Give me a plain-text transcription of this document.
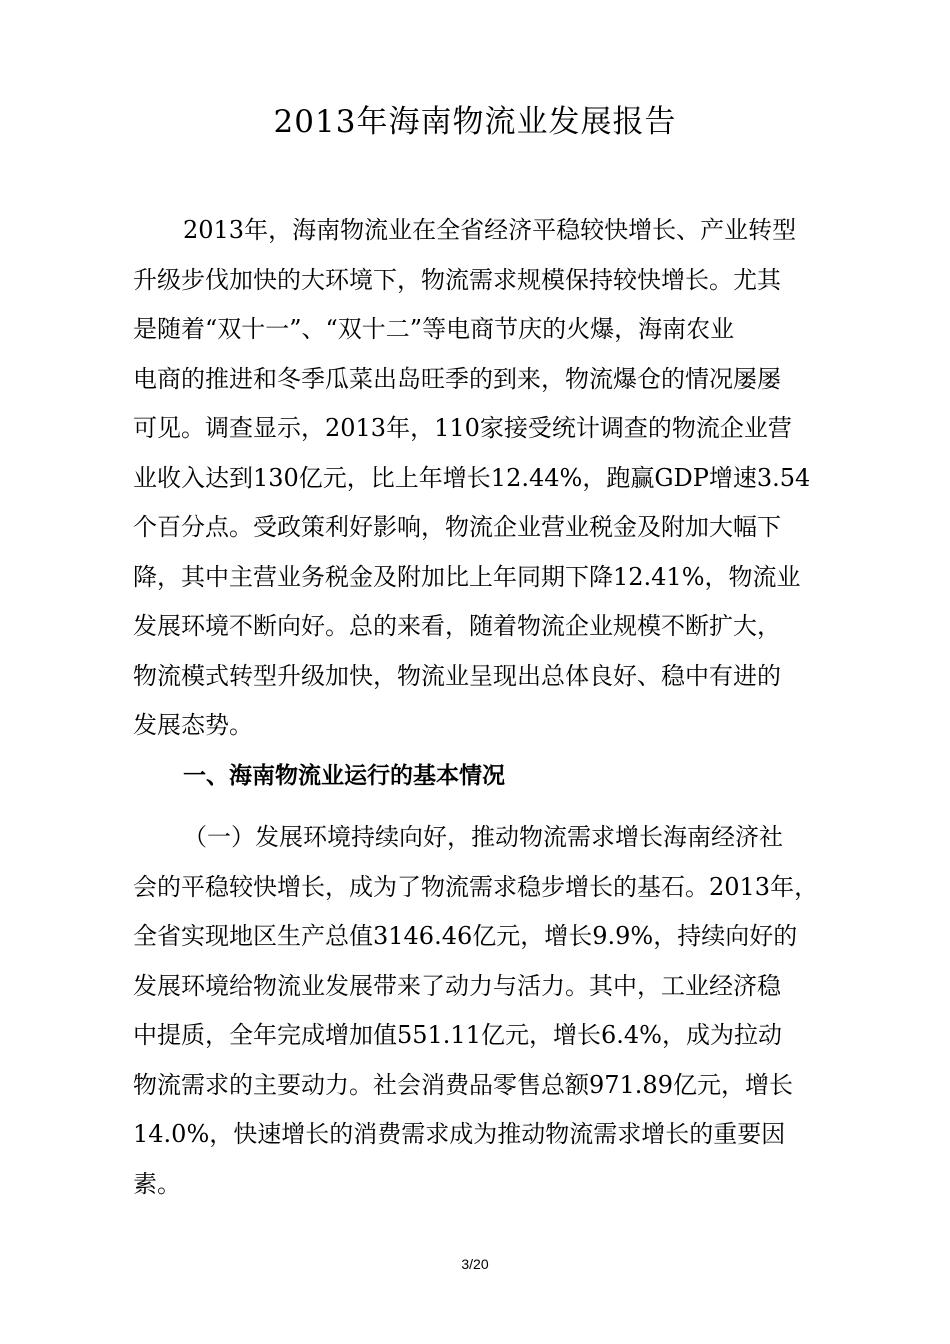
2013年海南物流业发展报告

2013年，海南物流业在全省经济平稳较快增长、产业转型
升级步伐加快的大环境下，物流需求规模保持较快增长。尤其
是随着“双十一”、“双十二”等电商节庆的火爆，海南农业
电商的推进和冬季瓜菜出岛旺季的到来，物流爆仓的情况屡屡
可见。调查显示，2013年，110家接受统计调查的物流企业营
业收入达到130亿元，比上年增长12.44%，跑赢GDP增速3.54
个百分点。受政策利好影响，物流企业营业税金及附加大幅下
降，其中主营业务税金及附加比上年同期下降12.41%，物流业
发展环境不断向好。总的来看，随着物流企业规模不断扩大，
物流模式转型升级加快，物流业呈现出总体良好、稳中有进的
发展态势。

一、海南物流业运行的基本情况

（一）发展环境持续向好，推动物流需求增长海南经济社
会的平稳较快增长，成为了物流需求稳步增长的基石。2013年，
全省实现地区生产总值3146.46亿元，增长9.9%，持续向好的
发展环境给物流业发展带来了动力与活力。其中，工业经济稳
中提质，全年完成增加值551.11亿元，增长6.4%，成为拉动
物流需求的主要动力。社会消费品零售总额971.89亿元，增长
14.0%，快速增长的消费需求成为推动物流需求增长的重要因
素。

3/20
